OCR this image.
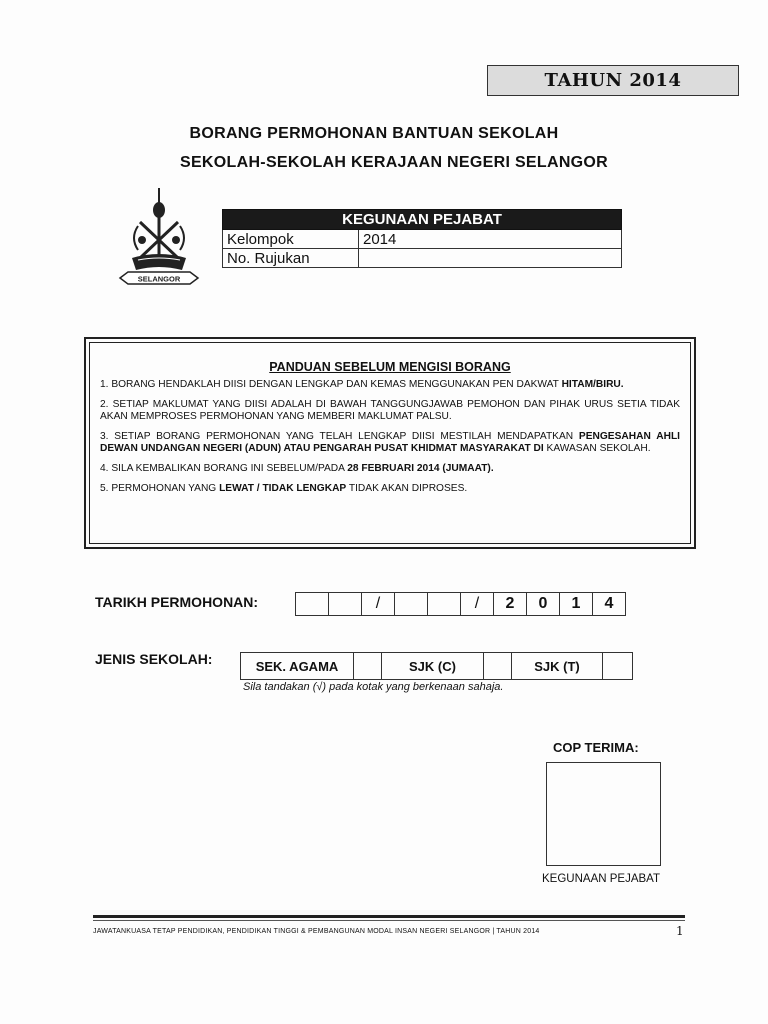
TAHUN 2014
BORANG PERMOHONAN BANTUAN SEKOLAH
SEKOLAH-SEKOLAH KERAJAAN NEGERI SELANGOR
SELANGOR
KEGUNAAN PEJABAT	
Kelompok	2014
No. Rujukan	
PANDUAN SEBELUM MENGISI BORANG
1. BORANG HENDAKLAH DIISI DENGAN LENGKAP DAN KEMAS MENGGUNAKAN PEN DAKWAT HITAM/BIRU.
2. SETIAP MAKLUMAT YANG DIISI ADALAH DI BAWAH TANGGUNGJAWAB PEMOHON DAN PIHAK URUS SETIA TIDAK AKAN MEMPROSES PERMOHONAN YANG MEMBERI MAKLUMAT PALSU.
3. SETIAP BORANG PERMOHONAN YANG TELAH LENGKAP DIISI MESTILAH MENDAPATKAN PENGESAHAN AHLI DEWAN UNDANGAN NEGERI (ADUN) ATAU PENGARAH PUSAT KHIDMAT MASYARAKAT DI KAWASAN SEKOLAH.
4. SILA KEMBALIKAN BORANG INI SEBELUM/PADA 28 FEBRUARI 2014 (JUMAAT).
5. PERMOHONAN YANG LEWAT / TIDAK LENGKAP TIDAK AKAN DIPROSES.
TARIKH PERMOHONAN:	/	/	2	0	1	4
JENIS SEKOLAH:	SEK. AGAMA	SJK (C)	SJK (T)
Sila tandakan (√) pada kotak yang berkenaan sahaja.
COP TERIMA:
KEGUNAAN PEJABAT
JAWATANKUASA TETAP PENDIDIKAN, PENDIDIKAN TINGGI & PEMBANGUNAN MODAL INSAN NEGERI SELANGOR | TAHUN 2014	1
